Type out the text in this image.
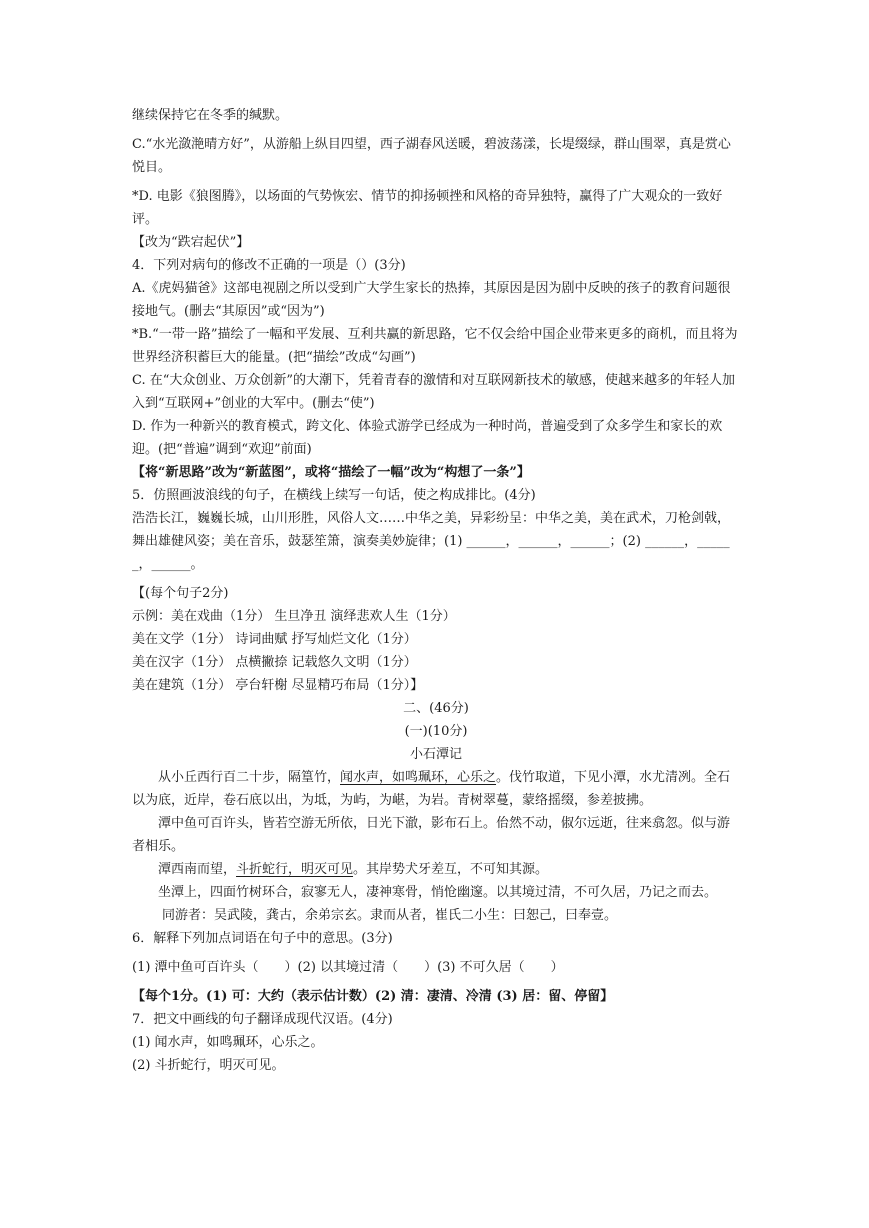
继续保持它在冬季的缄默。

C.“水光潋滟晴方好”，从游船上纵目四望，西子湖春风送暖，碧波荡漾，长堤缀绿，群山围翠，真是赏心悦目。

*D. 电影《狼图腾》，以场面的气势恢宏、情节的抑扬顿挫和风格的奇异独特，赢得了广大观众的一致好评。

【改为“跌宕起伏”】

4．下列对病句的修改不正确的一项是（）(3分)

A.《虎妈猫爸》这部电视剧之所以受到广大学生家长的热捧，其原因是因为剧中反映的孩子的教育问题很接地气。(删去“其原因”或“因为”)

*B.“一带一路”描绘了一幅和平发展、互利共赢的新思路，它不仅会给中国企业带来更多的商机，而且将为世界经济积蓄巨大的能量。(把“描绘”改成“勾画”)

C. 在“大众创业、万众创新”的大潮下，凭着青春的激情和对互联网新技术的敏感，使越来越多的年轻人加入到“互联网+”创业的大军中。(删去“使”)

D. 作为一种新兴的教育模式，跨文化、体验式游学已经成为一种时尚，普遍受到了众多学生和家长的欢迎。(把“普遍”调到“欢迎”前面)

【将“新思路”改为“新蓝图”，或将“描绘了一幅”改为“构想了一条”】

5．仿照画波浪线的句子，在横线上续写一句话，使之构成排比。(4分)

浩浩长江，巍巍长城，山川形胜，风俗人文……中华之美，异彩纷呈：中华之美，美在武术，刀枪剑戟，舞出雄健风姿；美在音乐，鼓瑟笙箫，演奏美妙旋律；(1) ______，______，______；(2) ______，______，______。

【(每个句子2分)

示例：美在戏曲（1分） 生旦净丑 演绎悲欢人生（1分）

美在文学（1分） 诗词曲赋 抒写灿烂文化（1分）

美在汉字（1分） 点横撇捺 记载悠久文明（1分）

美在建筑（1分） 亭台轩榭 尽显精巧布局（1分）】

二、(46分)

(一)(10分)

小石潭记

从小丘西行百二十步，隔篁竹，闻水声，如鸣珮环，心乐之。伐竹取道，下见小潭，水尤清冽。全石以为底，近岸，卷石底以出，为坻，为屿，为嵁，为岩。青树翠蔓，蒙络摇缀，参差披拂。

潭中鱼可百许头，皆若空游无所依，日光下澈，影布石上。佁然不动，俶尔远逝，往来翕忽。似与游者相乐。

潭西南而望，斗折蛇行，明灭可见。其岸势犬牙差互，不可知其源。

坐潭上，四面竹树环合，寂寥无人，凄神寒骨，悄怆幽邃。以其境过清，不可久居，乃记之而去。

同游者：吴武陵，龚古，余弟宗玄。隶而从者，崔氏二小生：曰恕己，曰奉壹。

6．解释下列加点词语在句子中的意思。(3分)

(1) 潭中鱼可百许头（　　）(2) 以其境过清（　　）(3) 不可久居（　　）

【每个1分。(1) 可：大约（表示估计数）(2) 清：凄清、冷清 (3) 居：留、停留】

7．把文中画线的句子翻译成现代汉语。(4分)

(1) 闻水声，如鸣珮环，心乐之。

(2) 斗折蛇行，明灭可见。
